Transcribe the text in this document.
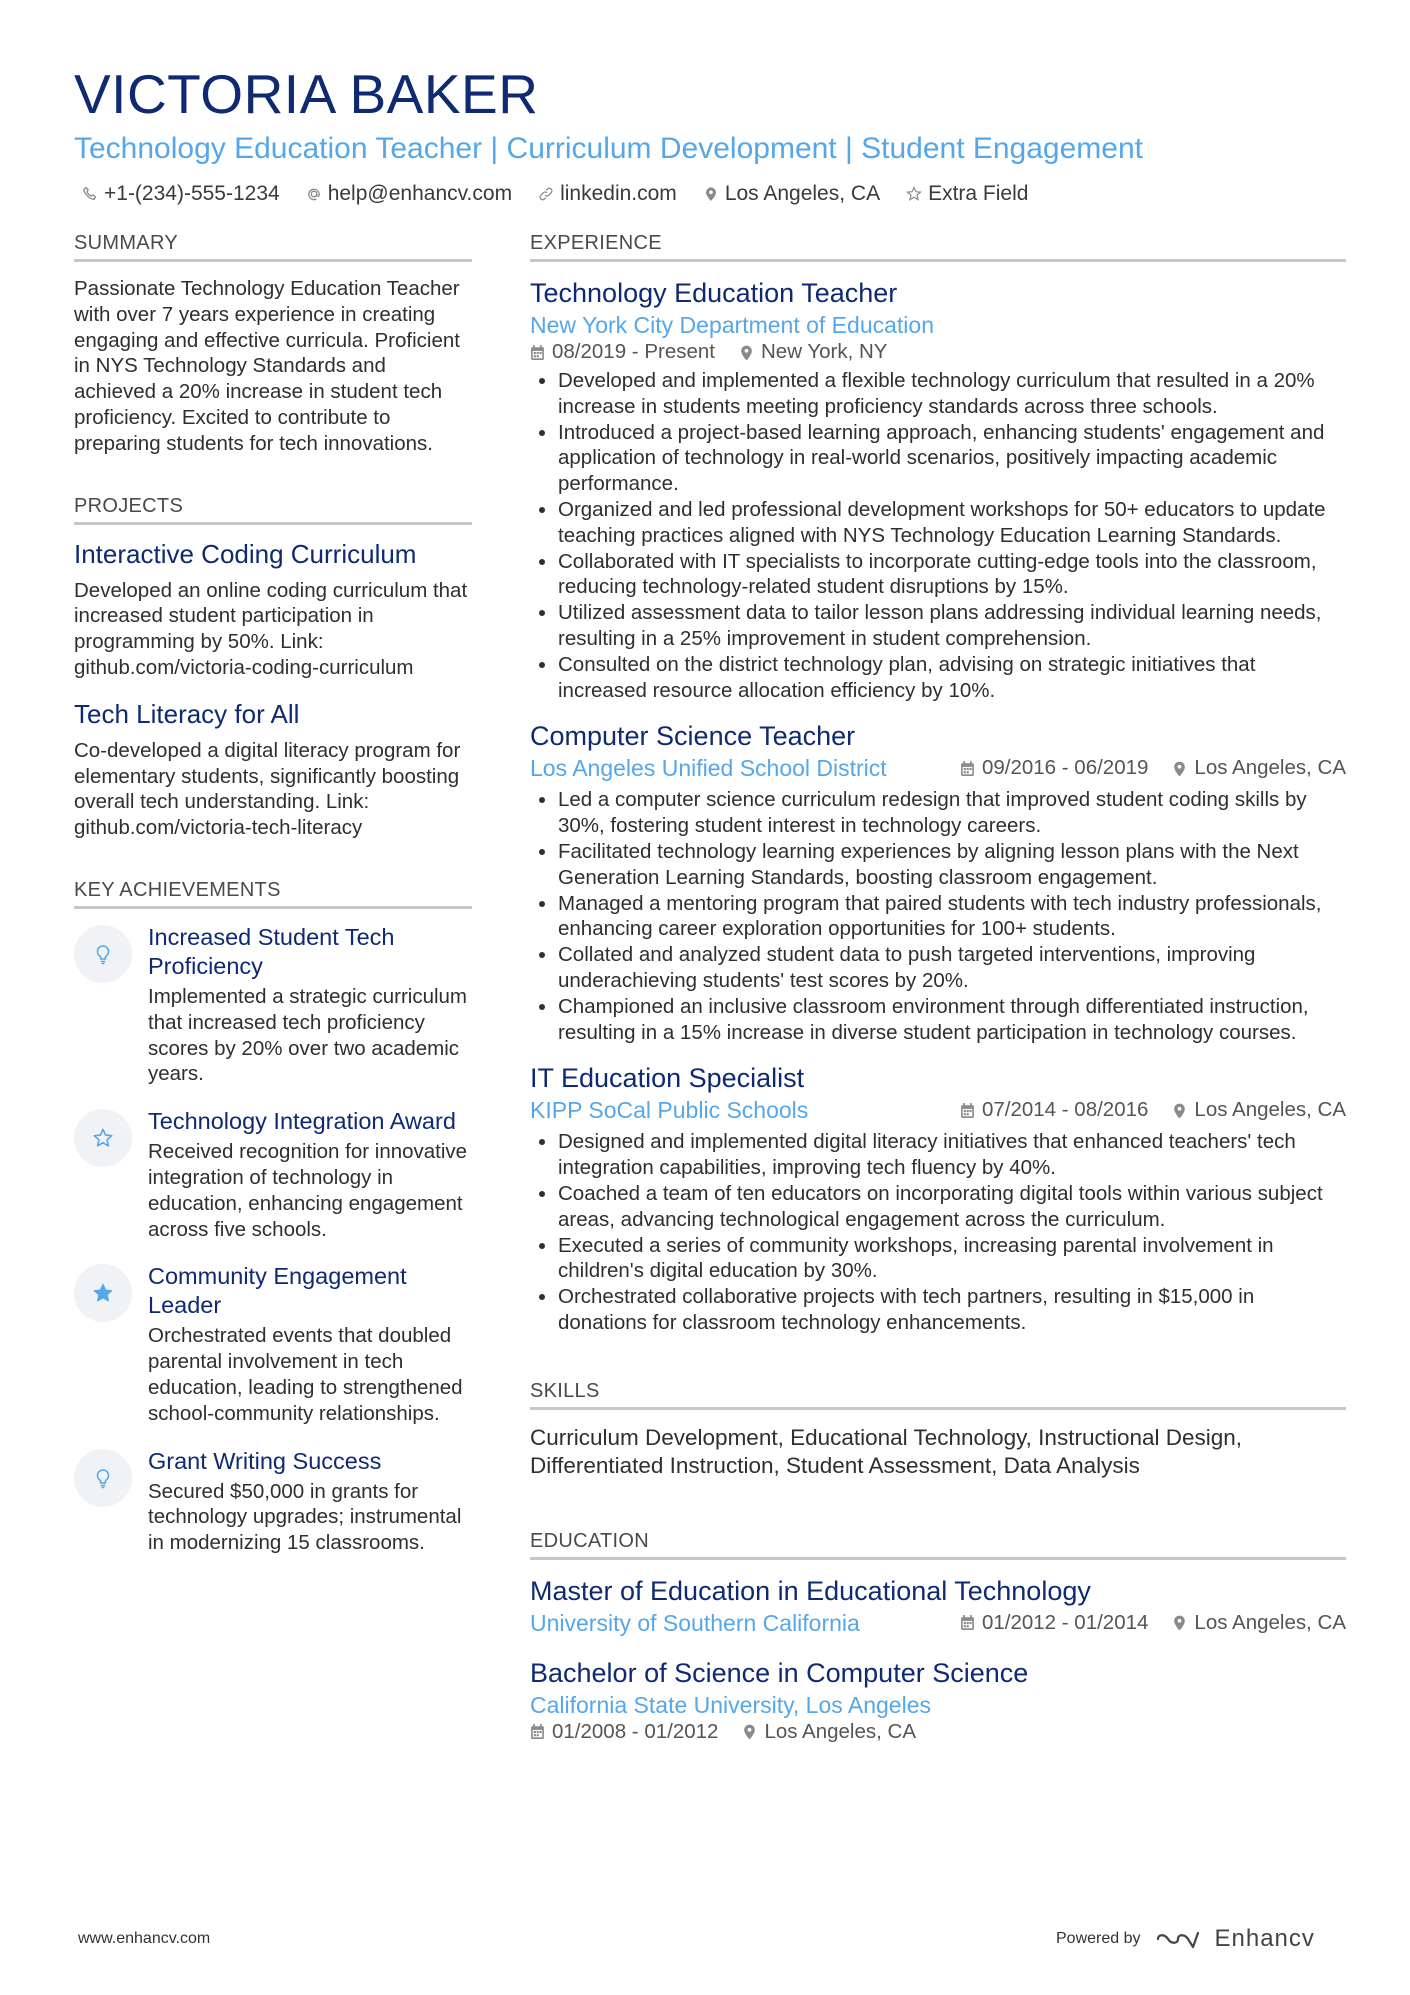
VICTORIA BAKER
Technology Education Teacher | Curriculum Development | Student Engagement
+1-(234)-555-1234 help@enhancv.com linkedin.com Los Angeles, CA Extra Field
SUMMARY
Passionate Technology Education Teacher with over 7 years experience in creating engaging and effective curricula. Proficient in NYS Technology Standards and achieved a 20% increase in student tech proficiency. Excited to contribute to preparing students for tech innovations.
PROJECTS
Interactive Coding Curriculum
Developed an online coding curriculum that increased student participation in programming by 50%. Link: github.com/victoria-coding-curriculum
Tech Literacy for All
Co-developed a digital literacy program for elementary students, significantly boosting overall tech understanding. Link: github.com/victoria-tech-literacy
KEY ACHIEVEMENTS
Increased Student Tech Proficiency
Implemented a strategic curriculum that increased tech proficiency scores by 20% over two academic years.
Technology Integration Award
Received recognition for innovative integration of technology in education, enhancing engagement across five schools.
Community Engagement Leader
Orchestrated events that doubled parental involvement in tech education, leading to strengthened school-community relationships.
Grant Writing Success
Secured $50,000 in grants for technology upgrades; instrumental in modernizing 15 classrooms.
EXPERIENCE
Technology Education Teacher
New York City Department of Education
08/2019 - Present New York, NY
• Developed and implemented a flexible technology curriculum that resulted in a 20% increase in students meeting proficiency standards across three schools.
• Introduced a project-based learning approach, enhancing students' engagement and application of technology in real-world scenarios, positively impacting academic performance.
• Organized and led professional development workshops for 50+ educators to update teaching practices aligned with NYS Technology Education Learning Standards.
• Collaborated with IT specialists to incorporate cutting-edge tools into the classroom, reducing technology-related student disruptions by 15%.
• Utilized assessment data to tailor lesson plans addressing individual learning needs, resulting in a 25% improvement in student comprehension.
• Consulted on the district technology plan, advising on strategic initiatives that increased resource allocation efficiency by 10%.
Computer Science Teacher
Los Angeles Unified School District	09/2016 - 06/2019 Los Angeles, CA
• Led a computer science curriculum redesign that improved student coding skills by 30%, fostering student interest in technology careers.
• Facilitated technology learning experiences by aligning lesson plans with the Next Generation Learning Standards, boosting classroom engagement.
• Managed a mentoring program that paired students with tech industry professionals, enhancing career exploration opportunities for 100+ students.
• Collated and analyzed student data to push targeted interventions, improving underachieving students' test scores by 20%.
• Championed an inclusive classroom environment through differentiated instruction, resulting in a 15% increase in diverse student participation in technology courses.
IT Education Specialist
KIPP SoCal Public Schools	07/2014 - 08/2016 Los Angeles, CA
• Designed and implemented digital literacy initiatives that enhanced teachers' tech integration capabilities, improving tech fluency by 40%.
• Coached a team of ten educators on incorporating digital tools within various subject areas, advancing technological engagement across the curriculum.
• Executed a series of community workshops, increasing parental involvement in children's digital education by 30%.
• Orchestrated collaborative projects with tech partners, resulting in $15,000 in donations for classroom technology enhancements.
SKILLS
Curriculum Development, Educational Technology, Instructional Design, Differentiated Instruction, Student Assessment, Data Analysis
EDUCATION
Master of Education in Educational Technology
University of Southern California	01/2012 - 01/2014 Los Angeles, CA
Bachelor of Science in Computer Science
California State University, Los Angeles
01/2008 - 01/2012 Los Angeles, CA
www.enhancv.com	Powered by	Enhancv
